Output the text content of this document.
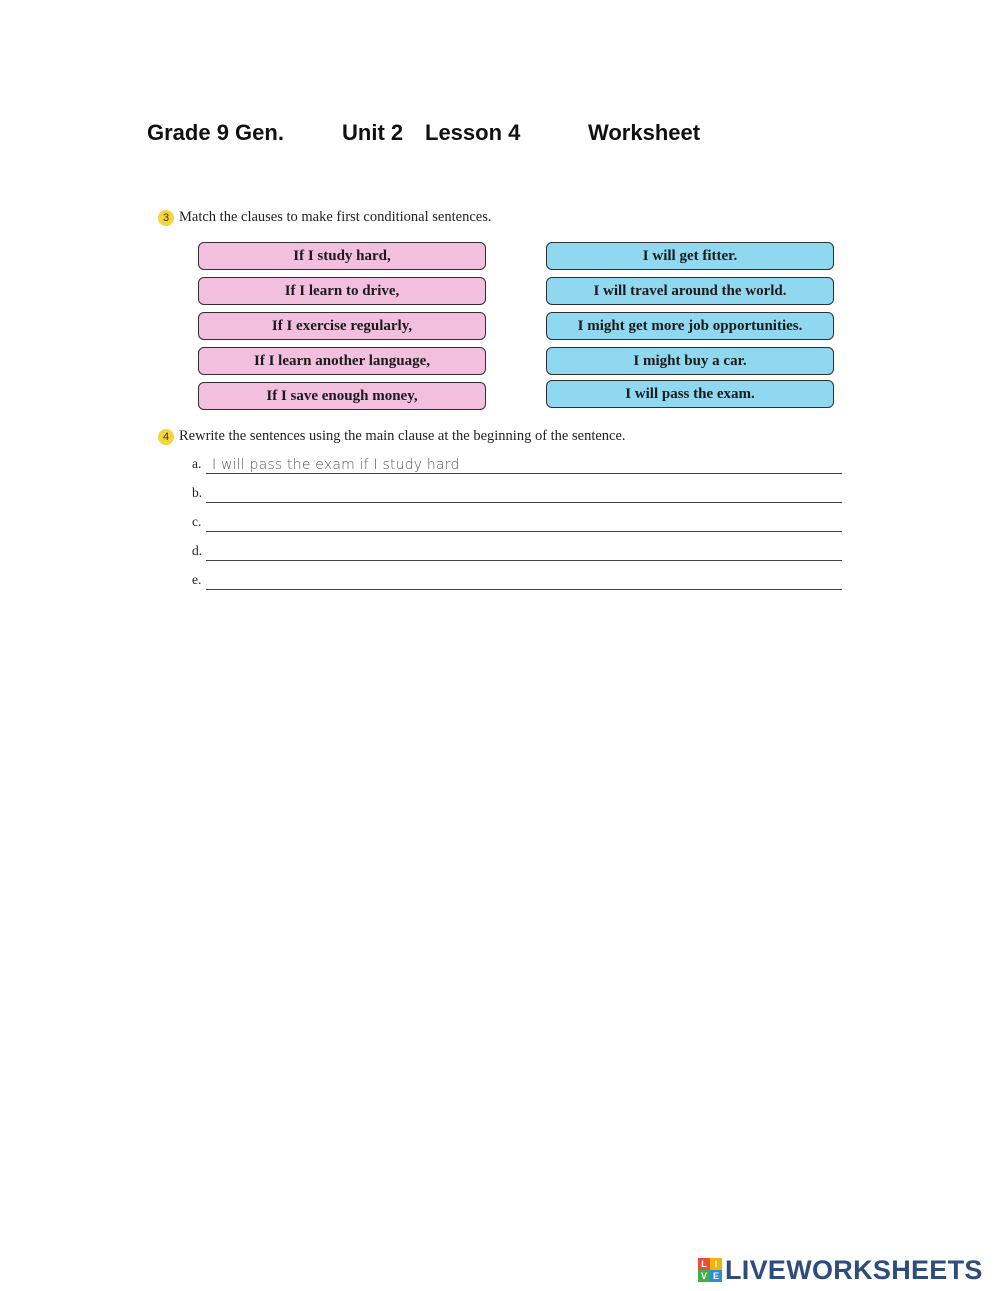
Grade 9 Gen.	Unit 2 Lesson 4	Worksheet
3 Match the clauses to make first conditional sentences.
If I study hard,
If I learn to drive,
If I exercise regularly,
If I learn another language,
If I save enough money,
I will get fitter.
I will travel around the world.
I might get more job opportunities.
I might buy a car.
I will pass the exam.
4 Rewrite the sentences using the main clause at the beginning of the sentence.
a. I will pass the exam if I study hard
b.
c.
d.
e.
L I
V E LIVEWORKSHEETS
